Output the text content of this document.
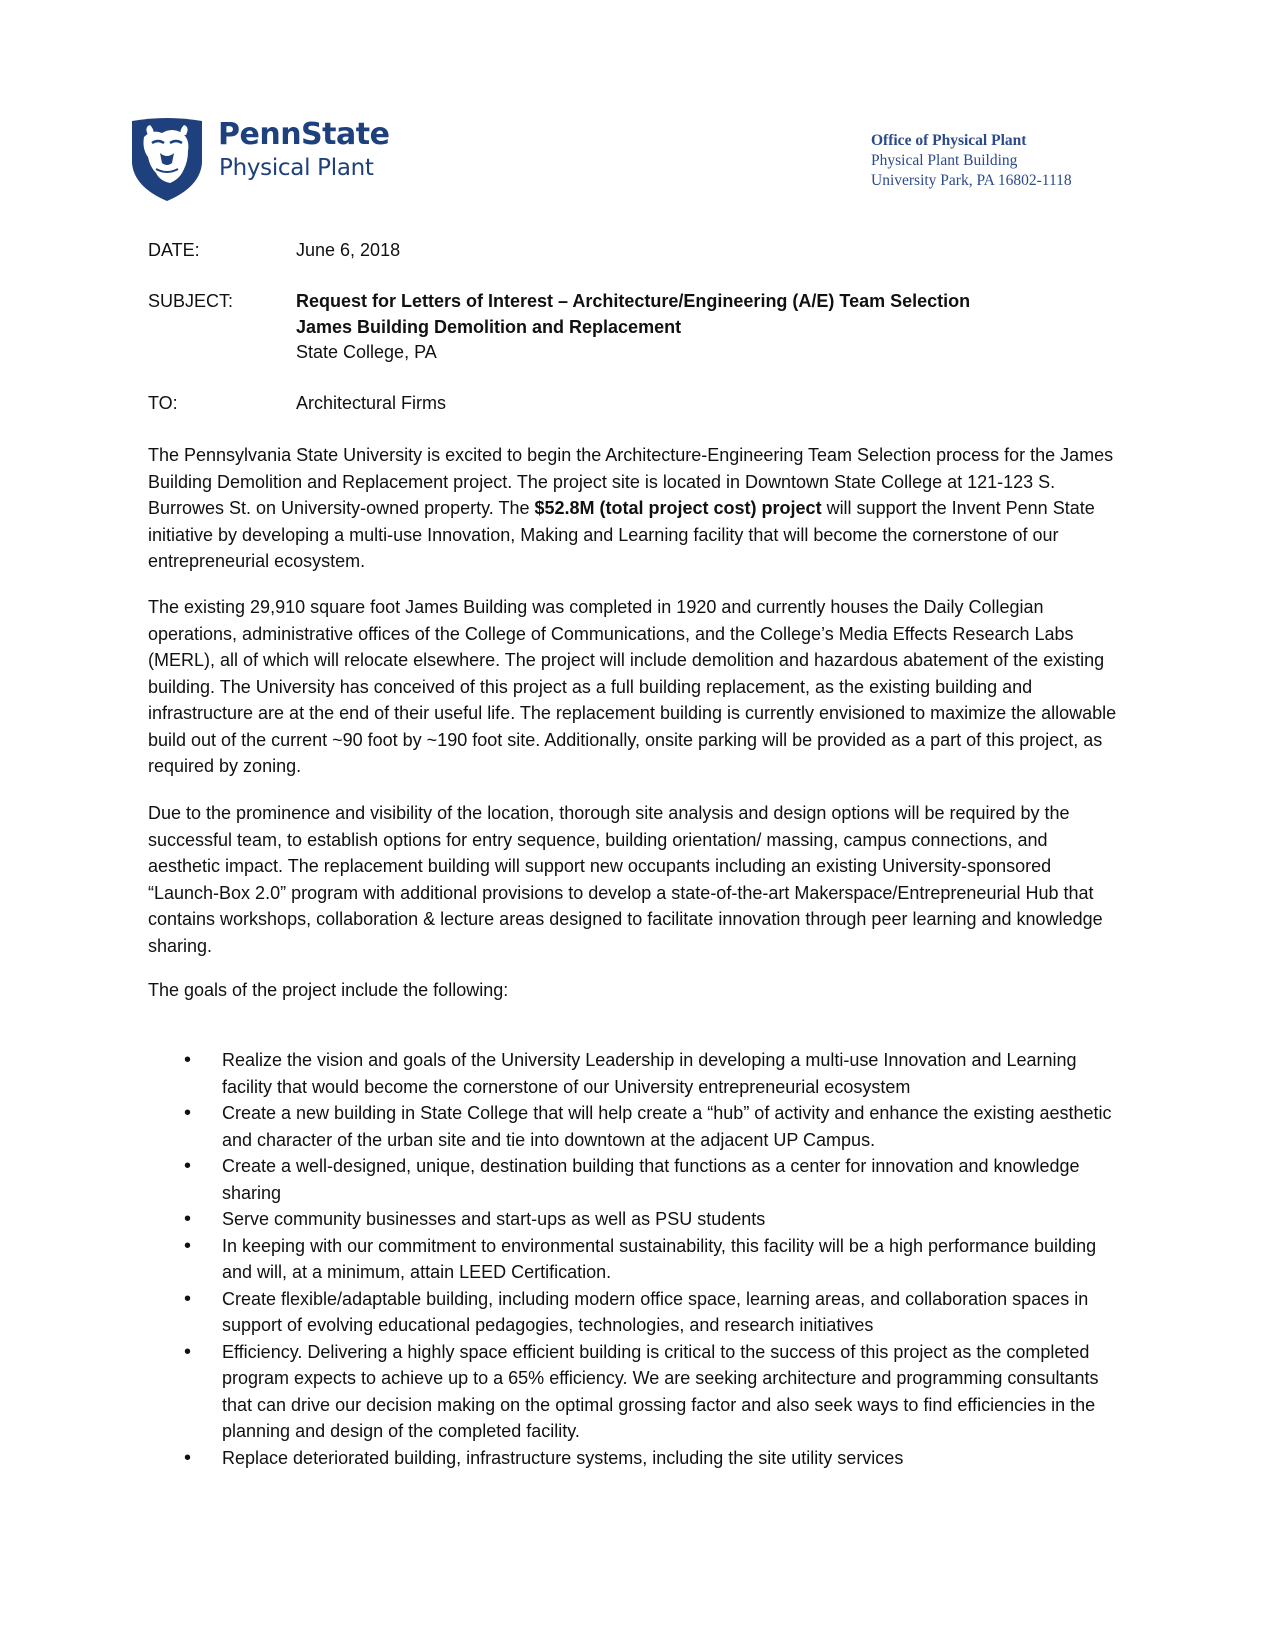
PennState
Physical Plant
Office of Physical Plant
Physical Plant Building
University Park, PA 16802-1118
DATE:	June 6, 2018
SUBJECT:	Request for Letters of Interest – Architecture/Engineering (A/E) Team Selection
James Building Demolition and Replacement
State College, PA
TO:	Architectural Firms

The Pennsylvania State University is excited to begin the Architecture-Engineering Team Selection process for the James Building Demolition and Replacement project. The project site is located in Downtown State College at 121-123 S. Burrowes St. on University-owned property. The $52.8M (total project cost) project will support the Invent Penn State initiative by developing a multi-use Innovation, Making and Learning facility that will become the cornerstone of our entrepreneurial ecosystem.

The existing 29,910 square foot James Building was completed in 1920 and currently houses the Daily Collegian operations, administrative offices of the College of Communications, and the College’s Media Effects Research Labs (MERL), all of which will relocate elsewhere. The project will include demolition and hazardous abatement of the existing building. The University has conceived of this project as a full building replacement, as the existing building and infrastructure are at the end of their useful life. The replacement building is currently envisioned to maximize the allowable build out of the current ~90 foot by ~190 foot site. Additionally, onsite parking will be provided as a part of this project, as required by zoning.

Due to the prominence and visibility of the location, thorough site analysis and design options will be required by the successful team, to establish options for entry sequence, building orientation/ massing, campus connections, and aesthetic impact. The replacement building will support new occupants including an existing University-sponsored “Launch-Box 2.0” program with additional provisions to develop a state-of-the-art Makerspace/Entrepreneurial Hub that contains workshops, collaboration & lecture areas designed to facilitate innovation through peer learning and knowledge sharing.

The goals of the project include the following:

• Realize the vision and goals of the University Leadership in developing a multi-use Innovation and Learning facility that would become the cornerstone of our University entrepreneurial ecosystem
• Create a new building in State College that will help create a “hub” of activity and enhance the existing aesthetic and character of the urban site and tie into downtown at the adjacent UP Campus.
• Create a well-designed, unique, destination building that functions as a center for innovation and knowledge sharing
• Serve community businesses and start-ups as well as PSU students
• In keeping with our commitment to environmental sustainability, this facility will be a high performance building and will, at a minimum, attain LEED Certification.
• Create flexible/adaptable building, including modern office space, learning areas, and collaboration spaces in support of evolving educational pedagogies, technologies, and research initiatives
• Efficiency. Delivering a highly space efficient building is critical to the success of this project as the completed program expects to achieve up to a 65% efficiency. We are seeking architecture and programming consultants that can drive our decision making on the optimal grossing factor and also seek ways to find efficiencies in the planning and design of the completed facility.
• Replace deteriorated building, infrastructure systems, including the site utility services
